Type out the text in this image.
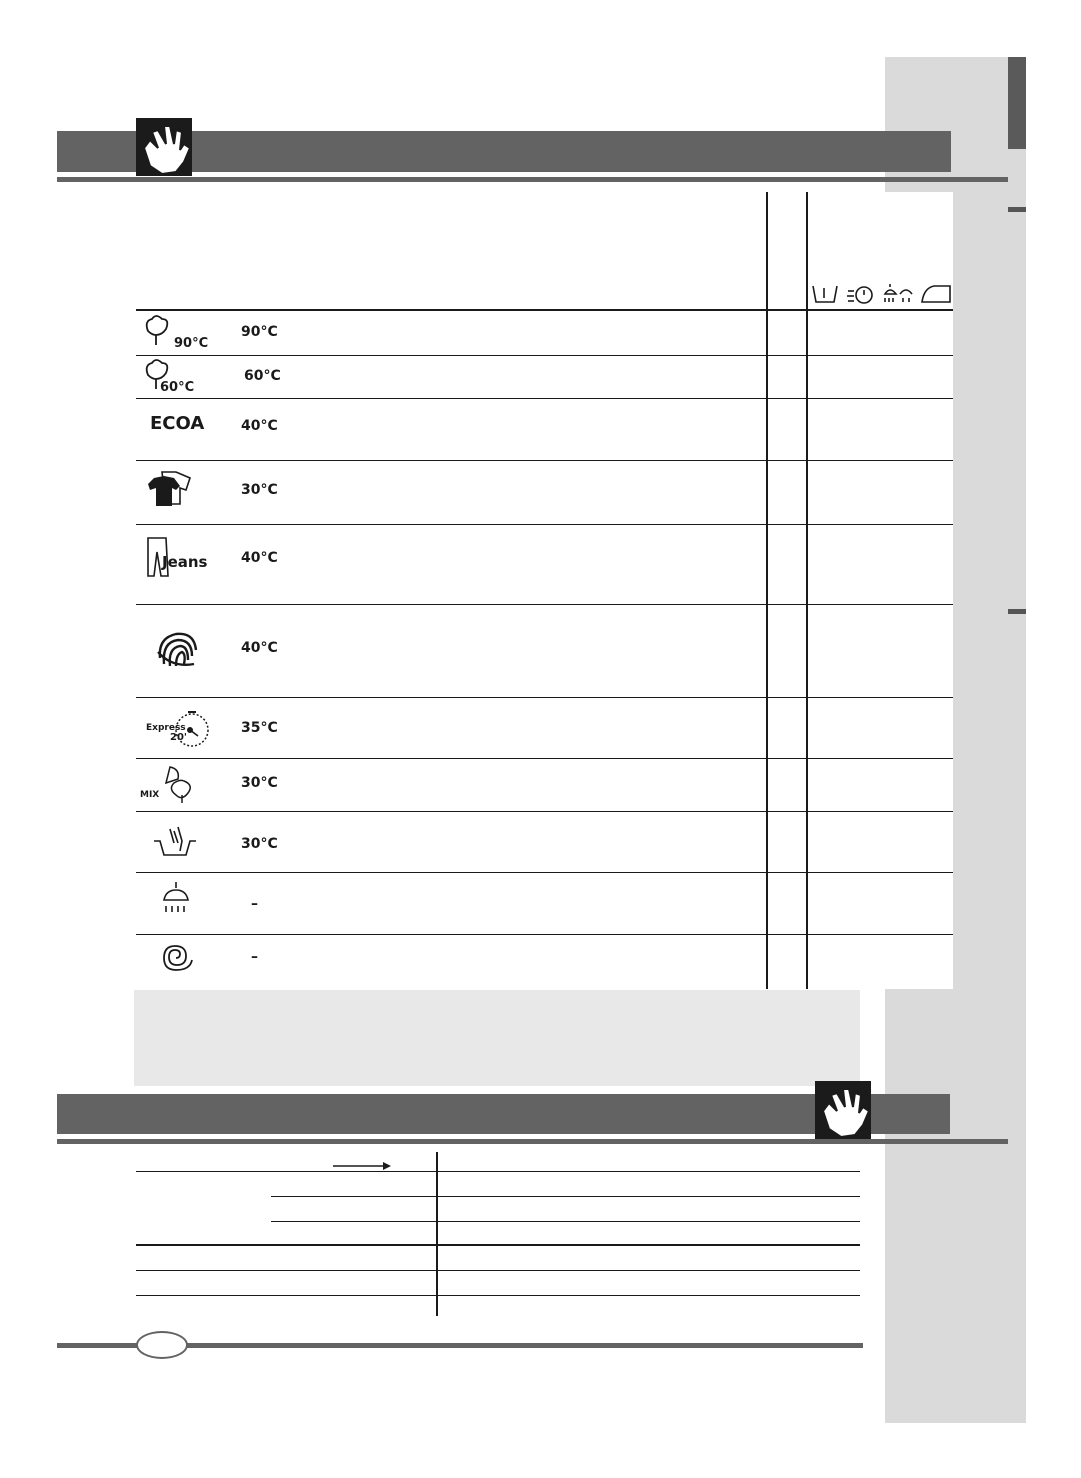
90°C
90°C
60°C
60°C
ECOA	40°C
30°C
Jeans 40°C
40°C
Express
20'
35°C
MIX
30°C
30°C
–
–
